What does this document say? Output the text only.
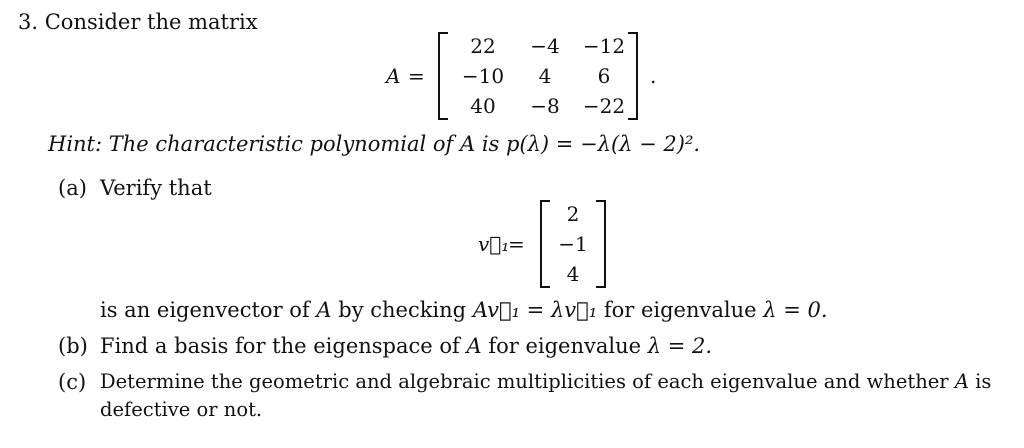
3. Consider the matrix
A =
22	−4	−12
−10	4	6
40	−8	−22
.
Hint: The characteristic polynomial of A is p(λ) = −λ(λ − 2)².
(a) Verify that
v⃗₁
=
2
−1
4
is an eigenvector of A by checking Av⃗₁ = λv⃗₁ for eigenvalue λ = 0.
(b) Find a basis for the eigenspace of A for eigenvalue λ = 2.
(c) Determine the geometric and algebraic multiplicities of each eigenvalue and whether A is
defective or not.
